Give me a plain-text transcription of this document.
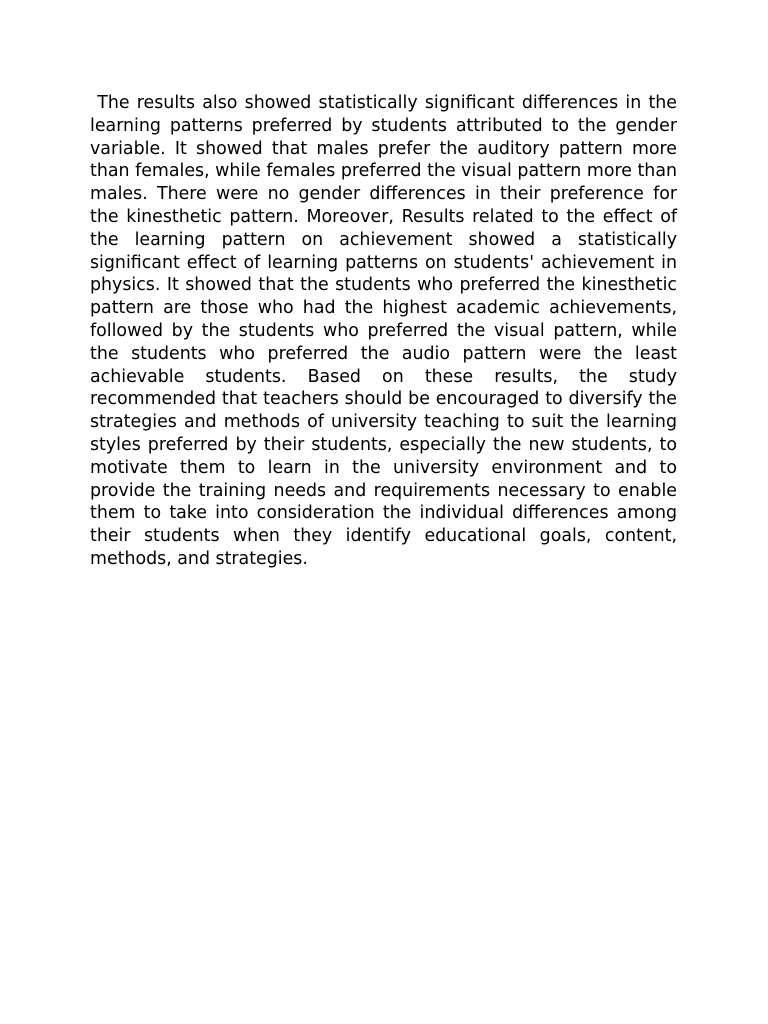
The results also showed statistically significant differences in the learning patterns preferred by students attributed to the gender variable. It showed that males prefer the auditory pattern more than females, while females preferred the visual pattern more than males. There were no gender differences in their preference for the kinesthetic pattern. Moreover, Results related to the effect of the learning pattern on achievement showed a statistically significant effect of learning patterns on students' achievement in physics. It showed that the students who preferred the kinesthetic pattern are those who had the highest academic achievements, followed by the students who preferred the visual pattern, while the students who preferred the audio pattern were the least achievable students. Based on these results, the study recommended that teachers should be encouraged to diversify the strategies and methods of university teaching to suit the learning styles preferred by their students, especially the new students, to motivate them to learn in the university environment and to provide the training needs and requirements necessary to enable them to take into consideration the individual differences among their students when they identify educational goals, content, methods, and strategies.
